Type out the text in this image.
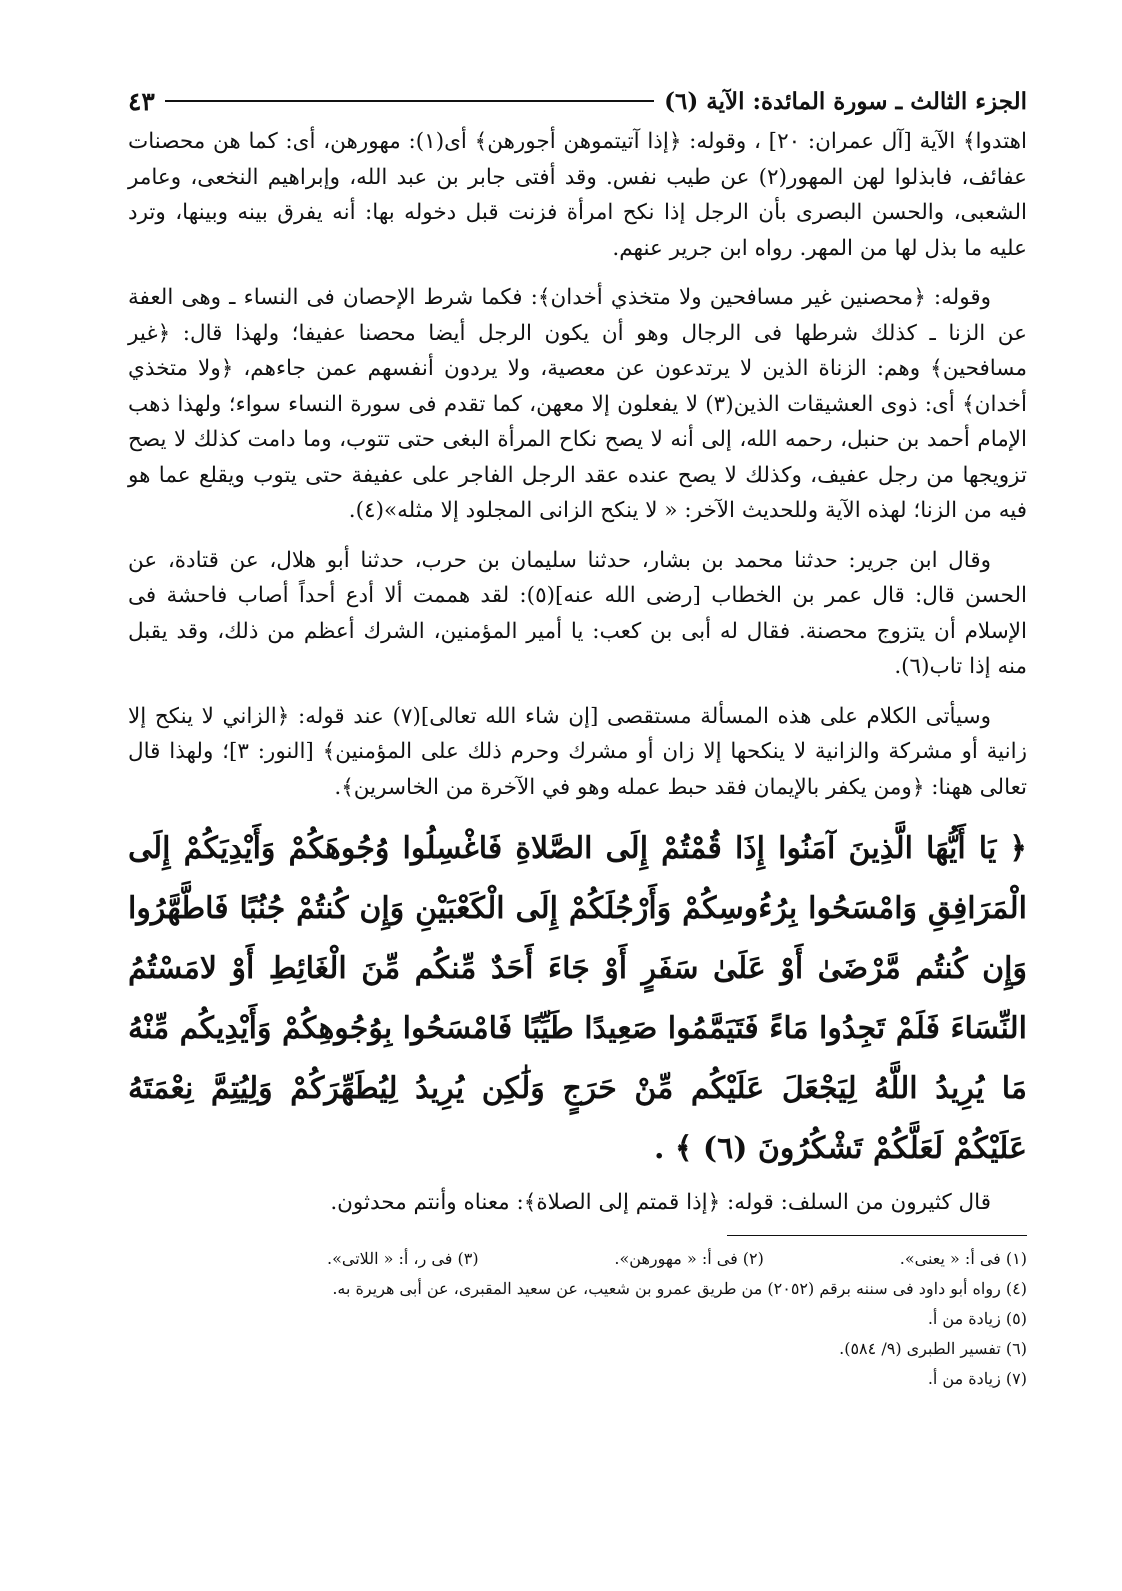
الجزء الثالث ـ سورة المائدة: الآية (٦)
٤٣

اهتدوا﴾ الآية [آل عمران: ٢٠] ، وقوله: ﴿إذا آتيتموهن أجورهن﴾ أى(١): مهورهن، أى: كما هن محصنات عفائف، فابذلوا لهن المهور(٢) عن طيب نفس. وقد أفتى جابر بن عبد الله، وإبراهيم النخعى، وعامر الشعبى، والحسن البصرى بأن الرجل إذا نكح امرأة فزنت قبل دخوله بها: أنه يفرق بينه وبينها، وترد عليه ما بذل لها من المهر. رواه ابن جرير عنهم.

وقوله: ﴿محصنين غير مسافحين ولا متخذي أخدان﴾: فكما شرط الإحصان فى النساء ـ وهى العفة عن الزنا ـ كذلك شرطها فى الرجال وهو أن يكون الرجل أيضا محصنا عفيفا؛ ولهذا قال: ﴿غير مسافحين﴾ وهم: الزناة الذين لا يرتدعون عن معصية، ولا يردون أنفسهم عمن جاءهم، ﴿ولا متخذي أخدان﴾ أى: ذوى العشيقات الذين(٣) لا يفعلون إلا معهن، كما تقدم فى سورة النساء سواء؛ ولهذا ذهب الإمام أحمد بن حنبل، رحمه الله، إلى أنه لا يصح نكاح المرأة البغى حتى تتوب، وما دامت كذلك لا يصح تزويجها من رجل عفيف، وكذلك لا يصح عنده عقد الرجل الفاجر على عفيفة حتى يتوب ويقلع عما هو فيه من الزنا؛ لهذه الآية وللحديث الآخر: « لا ينكح الزانى المجلود إلا مثله»(٤).

وقال ابن جرير: حدثنا محمد بن بشار، حدثنا سليمان بن حرب، حدثنا أبو هلال، عن قتادة، عن الحسن قال: قال عمر بن الخطاب [رضى الله عنه](٥): لقد هممت ألا أدع أحداً أصاب فاحشة فى الإسلام أن يتزوج محصنة. فقال له أبى بن كعب: يا أمير المؤمنين، الشرك أعظم من ذلك، وقد يقبل منه إذا تاب(٦).

وسيأتى الكلام على هذه المسألة مستقصى [إن شاء الله تعالى](٧) عند قوله: ﴿الزاني لا ينكح إلا زانية أو مشركة والزانية لا ينكحها إلا زان أو مشرك وحرم ذلك على المؤمنين﴾ [النور: ٣]؛ ولهذا قال تعالى ههنا: ﴿ومن يكفر بالإيمان فقد حبط عمله وهو في الآخرة من الخاسرين﴾.

﴿ يَا أَيُّهَا الَّذِينَ آمَنُوا إِذَا قُمْتُمْ إِلَى الصَّلاةِ فَاغْسِلُوا وُجُوهَكُمْ وَأَيْدِيَكُمْ إِلَى الْمَرَافِقِ وَامْسَحُوا بِرُءُوسِكُمْ وَأَرْجُلَكُمْ إِلَى الْكَعْبَيْنِ وَإِن كُنتُمْ جُنُبًا فَاطَّهَّرُوا وَإِن كُنتُم مَّرْضَىٰ أَوْ عَلَىٰ سَفَرٍ أَوْ جَاءَ أَحَدٌ مِّنكُم مِّنَ الْغَائِطِ أَوْ لامَسْتُمُ النِّسَاءَ فَلَمْ تَجِدُوا مَاءً فَتَيَمَّمُوا صَعِيدًا طَيِّبًا فَامْسَحُوا بِوُجُوهِكُمْ وَأَيْدِيكُم مِّنْهُ مَا يُرِيدُ اللَّهُ لِيَجْعَلَ عَلَيْكُم مِّنْ حَرَجٍ وَلَٰكِن يُرِيدُ لِيُطَهِّرَكُمْ وَلِيُتِمَّ نِعْمَتَهُ عَلَيْكُمْ لَعَلَّكُمْ تَشْكُرُونَ (٦) ﴾ .

قال كثيرون من السلف: قوله: ﴿إذا قمتم إلى الصلاة﴾: معناه وأنتم محدثون.

(١) فى أ: « يعنى».
(٢) فى أ: « مهورهن».
(٣) فى ر، أ: « اللاتى».
(٤) رواه أبو داود فى سننه برقم (٢٠٥٢) من طريق عمرو بن شعيب، عن سعيد المقبرى، عن أبى هريرة به.
(٥) زيادة من أ.
(٦) تفسير الطبرى (٩/ ٥٨٤).
(٧) زيادة من أ.
